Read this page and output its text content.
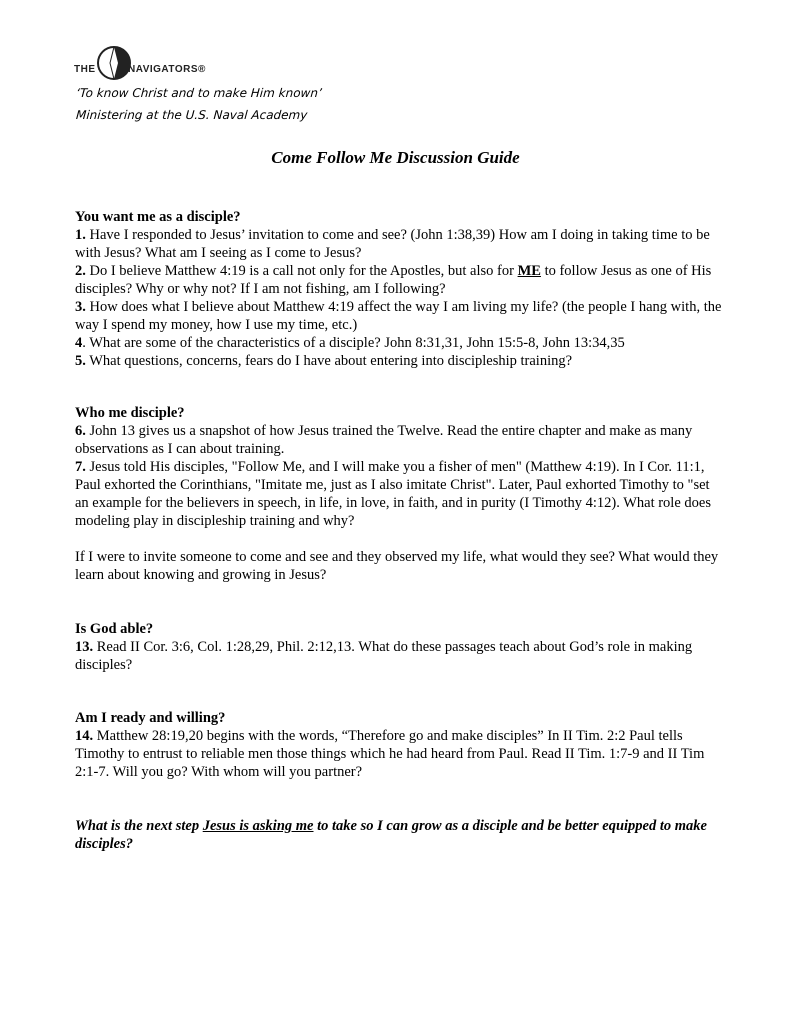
THE	NAVIGATORS®
‘To know Christ and to make Him known’
Ministering at the U.S. Naval Academy
Come Follow Me Discussion Guide
You want me as a disciple?
1. Have I responded to Jesus’ invitation to come and see? (John 1:38,39) How am I doing in taking time to be with Jesus? What am I seeing as I come to Jesus?
2. Do I believe Matthew 4:19 is a call not only for the Apostles, but also for ME to follow Jesus as one of His disciples? Why or why not? If I am not fishing, am I following?
3. How does what I believe about Matthew 4:19 affect the way I am living my life? (the people I hang with, the way I spend my money, how I use my time, etc.)
4. What are some of the characteristics of a disciple? John 8:31,31, John 15:5-8, John 13:34,35
5. What questions, concerns, fears do I have about entering into discipleship training?
Who me disciple?
6. John 13 gives us a snapshot of how Jesus trained the Twelve. Read the entire chapter and make as many observations as I can about training.
7. Jesus told His disciples, "Follow Me, and I will make you a fisher of men" (Matthew 4:19). In I Cor. 11:1, Paul exhorted the Corinthians, "Imitate me, just as I also imitate Christ". Later, Paul exhorted Timothy to "set an example for the believers in speech, in life, in love, in faith, and in purity (I Timothy 4:12). What role does modeling play in discipleship training and why?
If I were to invite someone to come and see and they observed my life, what would they see? What would they learn about knowing and growing in Jesus?
Is God able?
13. Read II Cor. 3:6, Col. 1:28,29, Phil. 2:12,13. What do these passages teach about God’s role in making disciples?
Am I ready and willing?
14. Matthew 28:19,20 begins with the words, “Therefore go and make disciples” In II Tim. 2:2 Paul tells Timothy to entrust to reliable men those things which he had heard from Paul. Read II Tim. 1:7-9 and II Tim 2:1-7. Will you go? With whom will you partner?
What is the next step Jesus is asking me to take so I can grow as a disciple and be better equipped to make disciples?
